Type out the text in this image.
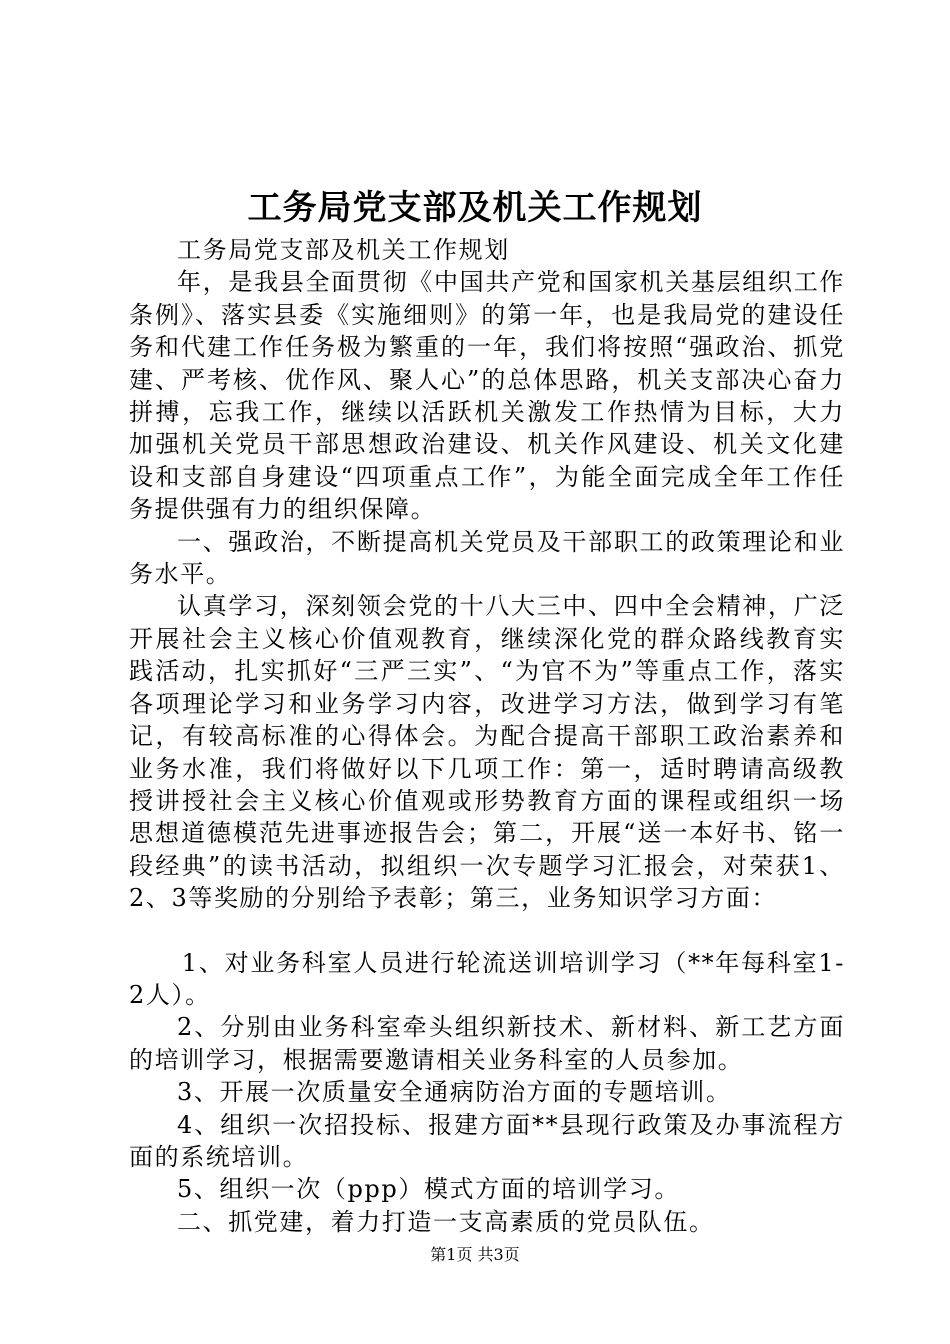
工务局党支部及机关工作规划

工务局党支部及机关工作规划

年，是我县全面贯彻《中国共产党和国家机关基层组织工作条例》、落实县委《实施细则》的第一年，也是我局党的建设任务和代建工作任务极为繁重的一年，我们将按照“强政治、抓党建、严考核、优作风、聚人心”的总体思路，机关支部决心奋力拼搏，忘我工作，继续以活跃机关激发工作热情为目标，大力加强机关党员干部思想政治建设、机关作风建设、机关文化建设和支部自身建设“四项重点工作”，为能全面完成全年工作任务提供强有力的组织保障。

一、强政治，不断提高机关党员及干部职工的政策理论和业务水平。

认真学习，深刻领会党的十八大三中、四中全会精神，广泛开展社会主义核心价值观教育，继续深化党的群众路线教育实践活动，扎实抓好“三严三实”、“为官不为”等重点工作，落实各项理论学习和业务学习内容，改进学习方法，做到学习有笔记，有较高标准的心得体会。为配合提高干部职工政治素养和业务水准，我们将做好以下几项工作：第一，适时聘请高级教授讲授社会主义核心价值观或形势教育方面的课程或组织一场思想道德模范先进事迹报告会；第二，开展“送一本好书、铭一段经典”的读书活动，拟组织一次专题学习汇报会，对荣获1、2、3等奖励的分别给予表彰；第三，业务知识学习方面：

1、对业务科室人员进行轮流送训培训学习（**年每科室1-2人）。

2、分别由业务科室牵头组织新技术、新材料、新工艺方面的培训学习，根据需要邀请相关业务科室的人员参加。

3、开展一次质量安全通病防治方面的专题培训。

4、组织一次招投标、报建方面**县现行政策及办事流程方面的系统培训。

5、组织一次（ppp）模式方面的培训学习。

二、抓党建，着力打造一支高素质的党员队伍。

第1页 共3页
